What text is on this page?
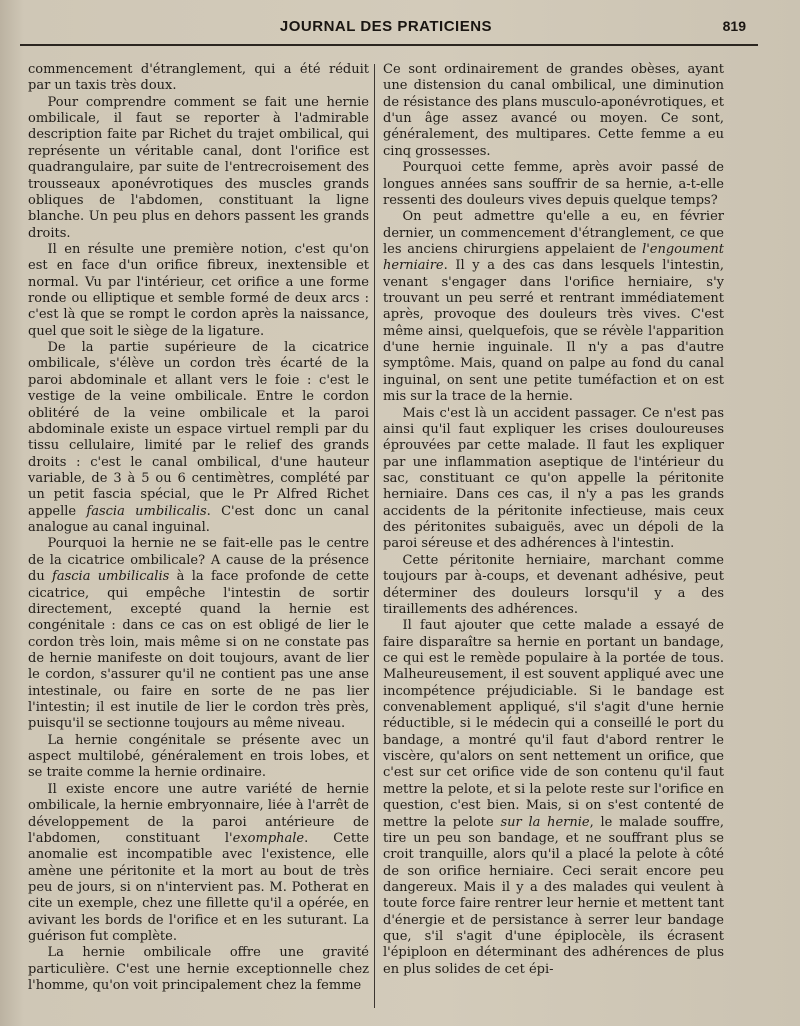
JOURNAL DES PRATICIENS	819

commencement d'étranglement, qui a été réduit par un taxis très doux.

Pour comprendre comment se fait une hernie ombilicale, il faut se reporter à l'admirable description faite par Richet du trajet ombilical, qui représente un véritable canal, dont l'orifice est quadrangulaire, par suite de l'entrecroisement des trousseaux aponévrotiques des muscles grands obliques de l'abdomen, constituant la ligne blanche. Un peu plus en dehors passent les grands droits.

Il en résulte une première notion, c'est qu'on est en face d'un orifice fibreux, inextensible et normal. Vu par l'intérieur, cet orifice a une forme ronde ou elliptique et semble formé de deux arcs : c'est là que se rompt le cordon après la naissance, quel que soit le siège de la ligature.

De la partie supérieure de la cicatrice ombilicale, s'élève un cordon très écarté de la paroi abdominale et allant vers le foie : c'est le vestige de la veine ombilicale. Entre le cordon oblitéré de la veine ombilicale et la paroi abdominale existe un espace virtuel rempli par du tissu cellulaire, limité par le relief des grands droits : c'est le canal ombilical, d'une hauteur variable, de 3 à 5 ou 6 centimètres, complété par un petit fascia spécial, que le Pr Alfred Richet appelle fascia umbilicalis. C'est donc un canal analogue au canal inguinal.

Pourquoi la hernie ne se fait-elle pas le centre de la cicatrice ombilicale? A cause de la présence du fascia umbilicalis à la face profonde de cette cicatrice, qui empêche l'intestin de sortir directement, excepté quand la hernie est congénitale : dans ce cas on est obligé de lier le cordon très loin, mais même si on ne constate pas de hernie manifeste on doit toujours, avant de lier le cordon, s'assurer qu'il ne contient pas une anse intestinale, ou faire en sorte de ne pas lier l'intestin; il est inutile de lier le cordon très près, puisqu'il se sectionne toujours au même niveau.

La hernie congénitale se présente avec un aspect multilobé, généralement en trois lobes, et se traite comme la hernie ordinaire.

Il existe encore une autre variété de hernie ombilicale, la hernie embryonnaire, liée à l'arrêt de développement de la paroi antérieure de l'abdomen, constituant l'exomphale. Cette anomalie est incompatible avec l'existence, elle amène une péritonite et la mort au bout de très peu de jours, si on n'intervient pas. M. Potherat en cite un exemple, chez une fillette qu'il a opérée, en avivant les bords de l'orifice et en les suturant. La guérison fut complète.

La hernie ombilicale offre une gravité particulière. C'est une hernie exceptionnelle chez l'homme, qu'on voit principalement chez la femme

Ce sont ordinairement de grandes obèses, ayant une distension du canal ombilical, une diminution de résistance des plans musculo-aponévrotiques, et d'un âge assez avancé ou moyen. Ce sont, généralement, des multipares. Cette femme a eu cinq grossesses.

Pourquoi cette femme, après avoir passé de longues années sans souffrir de sa hernie, a-t-elle ressenti des douleurs vives depuis quelque temps?

On peut admettre qu'elle a eu, en février dernier, un commencement d'étranglement, ce que les anciens chirurgiens appelaient de l'engoument herniaire. Il y a des cas dans lesquels l'intestin, venant s'engager dans l'orifice herniaire, s'y trouvant un peu serré et rentrant immédiatement après, provoque des douleurs très vives. C'est même ainsi, quelquefois, que se révèle l'apparition d'une hernie inguinale. Il n'y a pas d'autre symptôme. Mais, quand on palpe au fond du canal inguinal, on sent une petite tuméfaction et on est mis sur la trace de la hernie.

Mais c'est là un accident passager. Ce n'est pas ainsi qu'il faut expliquer les crises douloureuses éprouvées par cette malade. Il faut les expliquer par une inflammation aseptique de l'intérieur du sac, constituant ce qu'on appelle la péritonite herniaire. Dans ces cas, il n'y a pas les grands accidents de la péritonite infectieuse, mais ceux des péritonites subaiguës, avec un dépoli de la paroi séreuse et des adhérences à l'intestin.

Cette péritonite herniaire, marchant comme toujours par à-coups, et devenant adhésive, peut déterminer des douleurs lorsqu'il y a des tiraillements des adhérences.

Il faut ajouter que cette malade a essayé de faire disparaître sa hernie en portant un bandage, ce qui est le remède populaire à la portée de tous. Malheureusement, il est souvent appliqué avec une incompétence préjudiciable. Si le bandage est convenablement appliqué, s'il s'agit d'une hernie réductible, si le médecin qui a conseillé le port du bandage, a montré qu'il faut d'abord rentrer le viscère, qu'alors on sent nettement un orifice, que c'est sur cet orifice vide de son contenu qu'il faut mettre la pelote, et si la pelote reste sur l'orifice en question, c'est bien. Mais, si on s'est contenté de mettre la pelote sur la hernie, le malade souffre, tire un peu son bandage, et ne souffrant plus se croit tranquille, alors qu'il a placé la pelote à côté de son orifice herniaire. Ceci serait encore peu dangereux. Mais il y a des malades qui veulent à toute force faire rentrer leur hernie et mettent tant d'énergie et de persistance à serrer leur bandage que, s'il s'agit d'une épiplocèle, ils écrasent l'épiploon en déterminant des adhérences de plus en plus solides de cet épi-
